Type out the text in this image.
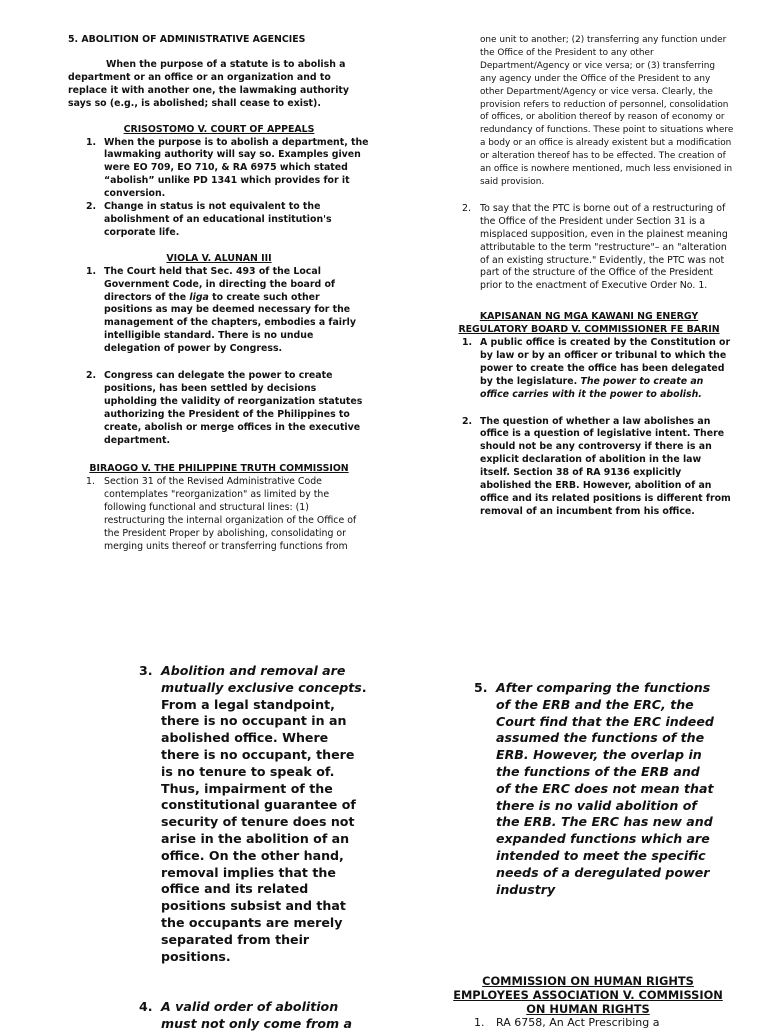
5. ABOLITION OF ADMINISTRATIVE AGENCIES

When the purpose of a statute is to abolish a department or an office or an organization and to replace it with another one, the lawmaking authority says so (e.g., is abolished; shall cease to exist).

CRISOSTOMO V. COURT OF APPEALS

1. When the purpose is to abolish a department, the lawmaking authority will say so. Examples given were EO 709, EO 710, & RA 6975 which stated “abolish” unlike PD 1341 which provides for it conversion.
2. Change in status is not equivalent to the abolishment of an educational institution's corporate life.

VIOLA V. ALUNAN III

1. The Court held that Sec. 493 of the Local Government Code, in directing the board of directors of the liga to create such other positions as may be deemed necessary for the management of the chapters, embodies a fairly intelligible standard. There is no undue delegation of power by Congress.
2. Congress can delegate the power to create positions, has been settled by decisions upholding the validity of reorganization statutes authorizing the President of the Philippines to create, abolish or merge offices in the executive department.

BIRAOGO V. THE PHILIPPINE TRUTH COMMISSION

1. Section 31 of the Revised Administrative Code contemplates "reorganization" as limited by the following functional and structural lines: (1) restructuring the internal organization of the Office of the President Proper by abolishing, consolidating or merging units thereof or transferring functions from

one unit to another; (2) transferring any function under the Office of the President to any other Department/Agency or vice versa; or (3) transferring any agency under the Office of the President to any other Department/Agency or vice versa. Clearly, the provision refers to reduction of personnel, consolidation of offices, or abolition thereof by reason of economy or redundancy of functions. These point to situations where a body or an office is already existent but a modification or alteration thereof has to be effected. The creation of an office is nowhere mentioned, much less envisioned in said provision.

2. To say that the PTC is borne out of a restructuring of the Office of the President under Section 31 is a misplaced supposition, even in the plainest meaning attributable to the term "restructure"– an "alteration of an existing structure." Evidently, the PTC was not part of the structure of the Office of the President prior to the enactment of Executive Order No. 1.

KAPISANAN NG MGA KAWANI NG ENERGY REGULATORY BOARD V. COMMISSIONER FE BARIN

1. A public office is created by the Constitution or by law or by an officer or tribunal to which the power to create the office has been delegated by the legislature. The power to create an office carries with it the power to abolish.
2. The question of whether a law abolishes an office is a question of legislative intent. There should not be any controversy if there is an explicit declaration of abolition in the law itself. Section 38 of RA 9136 explicitly abolished the ERB. However, abolition of an office and its related positions is different from removal of an incumbent from his office.
3. Abolition and removal are mutually exclusive concepts. From a legal standpoint, there is no occupant in an abolished office. Where there is no occupant, there is no tenure to speak of. Thus, impairment of the constitutional guarantee of security of tenure does not arise in the abolition of an office. On the other hand, removal implies that the office and its related positions subsist and that the occupants are merely separated from their positions.
4. A valid order of abolition must not only come from a
5. After comparing the functions of the ERB and the ERC, the Court find that the ERC indeed assumed the functions of the ERB. However, the overlap in the functions of the ERB and of the ERC does not mean that there is no valid abolition of the ERB. The ERC has new and expanded functions which are intended to meet the specific needs of a deregulated power industry

COMMISSION ON HUMAN RIGHTS EMPLOYEES ASSOCIATION V. COMMISSION ON HUMAN RIGHTS

1. RA 6758, An Act Prescribing a
